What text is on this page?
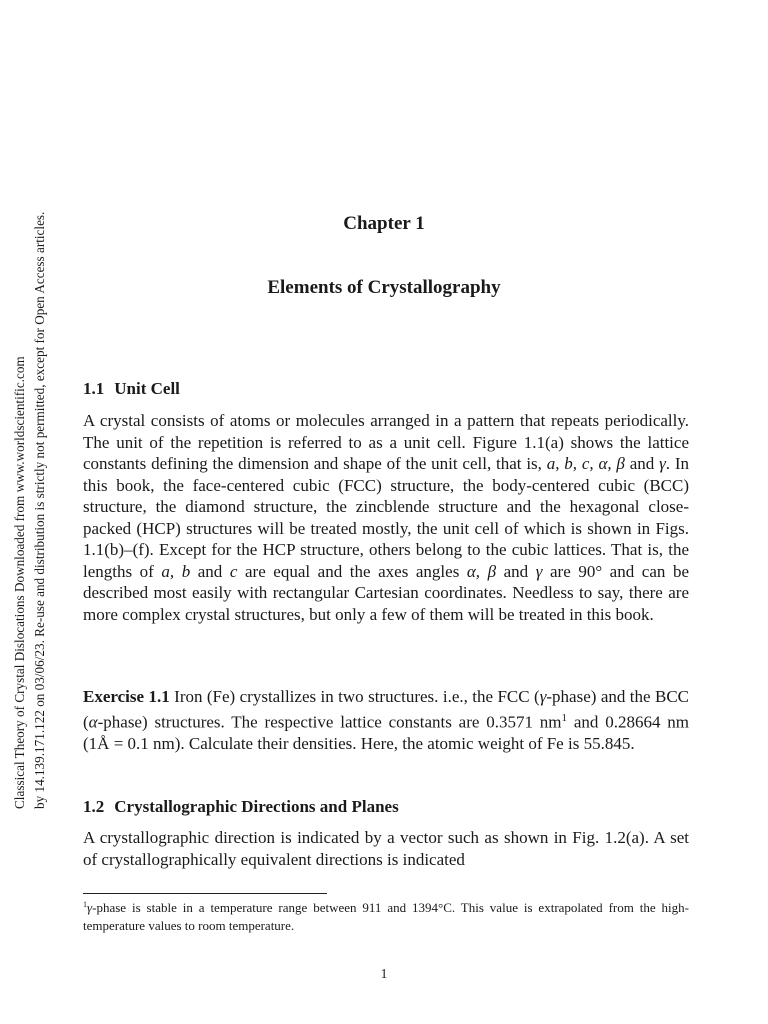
Classical Theory of Crystal Dislocations Downloaded from www.worldscientific.com by 14.139.171.122 on 03/06/23. Re-use and distribution is strictly not permitted, except for Open Access articles.	Chapter 1
Elements of Crystallography
1.1 Unit Cell
A crystal consists of atoms or molecules arranged in a pattern that repeats periodically. The unit of the repetition is referred to as a unit cell. Figure 1.1(a) shows the lattice constants defining the dimension and shape of the unit cell, that is, a, b, c, α, β and γ. In this book, the face-centered cubic (FCC) structure, the body-centered cubic (BCC) structure, the diamond structure, the zincblende structure and the hexagonal close-packed (HCP) structures will be treated mostly, the unit cell of which is shown in Figs. 1.1(b)–(f). Except for the HCP structure, others belong to the cubic lattices. That is, the lengths of a, b and c are equal and the axes angles α, β and γ are 90° and can be described most easily with rectangular Cartesian coordinates. Needless to say, there are more complex crystal structures, but only a few of them will be treated in this book.
Exercise 1.1 Iron (Fe) crystallizes in two structures. i.e., the FCC (γ-phase) and the BCC (α-phase) structures. The respective lattice constants are 0.3571 $nm^1$ and 0.28664 nm (1Å = 0.1 nm). Calculate their densities. Here, the atomic weight of Fe is 55.845.
1.2 Crystallographic Directions and Planes
A crystallographic direction is indicated by a vector such as shown in Fig. 1.2(a). A set of crystallographically equivalent directions is indicated
$^1$γ-phase is stable in a temperature range between 911 and 1394°C. This value is extrapolated from the high-temperature values to room temperature.
1
